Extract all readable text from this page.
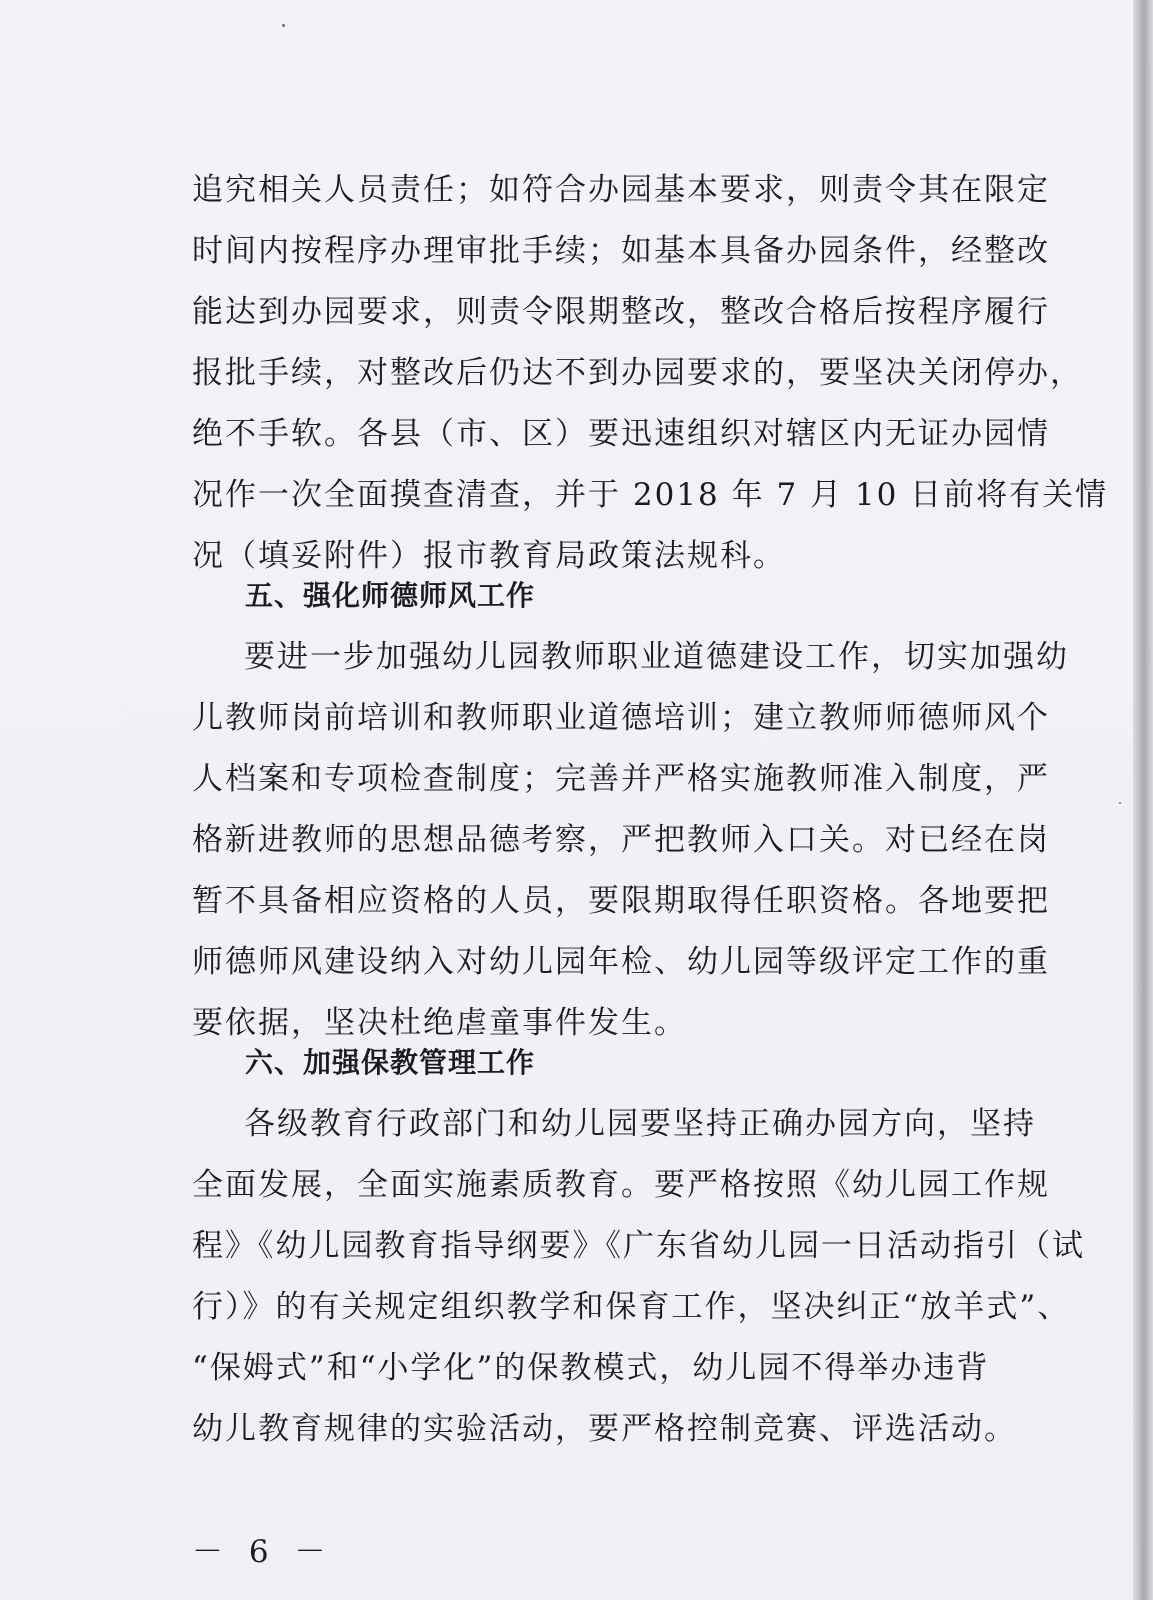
追究相关人员责任；如符合办园基本要求，则责令其在限定
时间内按程序办理审批手续；如基本具备办园条件，经整改
能达到办园要求，则责令限期整改，整改合格后按程序履行
报批手续，对整改后仍达不到办园要求的，要坚决关闭停办，
绝不手软。各县（市、区）要迅速组织对辖区内无证办园情
况作一次全面摸查清查，并于 2018 年 7 月 10 日前将有关情
况（填妥附件）报市教育局政策法规科。
五、强化师德师风工作
要进一步加强幼儿园教师职业道德建设工作，切实加强幼
儿教师岗前培训和教师职业道德培训；建立教师师德师风个
人档案和专项检查制度；完善并严格实施教师准入制度，严
格新进教师的思想品德考察，严把教师入口关。对已经在岗
暂不具备相应资格的人员，要限期取得任职资格。各地要把
师德师风建设纳入对幼儿园年检、幼儿园等级评定工作的重
要依据，坚决杜绝虐童事件发生。
六、加强保教管理工作
各级教育行政部门和幼儿园要坚持正确办园方向，坚持
全面发展，全面实施素质教育。要严格按照《幼儿园工作规
程》《幼儿园教育指导纲要》《广东省幼儿园一日活动指引（试
行）》的有关规定组织教学和保育工作，坚决纠正“放羊式”、
“保姆式”和“小学化”的保教模式，幼儿园不得举办违背
幼儿教育规律的实验活动，要严格控制竞赛、评选活动。
－ 6 －
